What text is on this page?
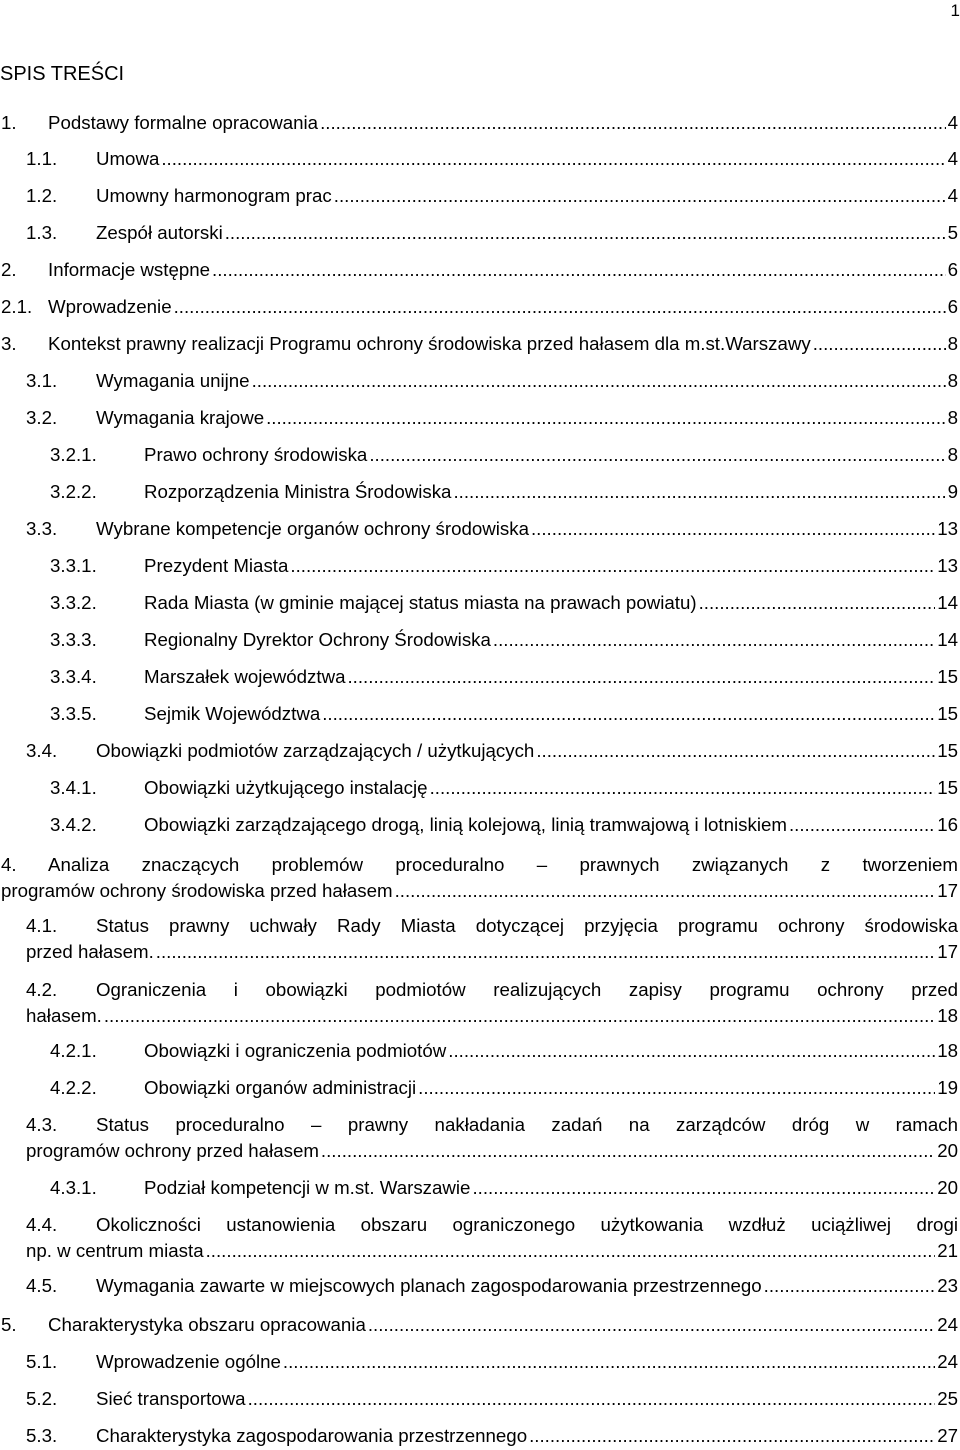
1
SPIS TREŚCI
1.	Podstawy formalne opracowania .....	4
1.1.	Umowa .....	4
1.2.	Umowny harmonogram prac .....	4
1.3.	Zespół autorski .....	5
2.	Informacje wstępne .....	6
2.1. Wprowadzenie .....	6
3.	Kontekst prawny realizacji Programu ochrony środowiska przed hałasem dla m.st.Warszawy .....	8
3.1.	Wymagania unijne .....	8
3.2.	Wymagania krajowe .....	8
3.2.1.	Prawo ochrony środowiska .....	8
3.2.2.	Rozporządzenia Ministra Środowiska .....	9
3.3.	Wybrane kompetencje organów ochrony środowiska .....	13
3.3.1.	Prezydent Miasta .....	13
3.3.2.	Rada Miasta (w gminie mającej status miasta na prawach powiatu) .....	14
3.3.3.	Regionalny Dyrektor Ochrony Środowiska .....	14
3.3.4.	Marszałek województwa .....	15
3.3.5.	Sejmik Województwa .....	15
3.4.	Obowiązki podmiotów zarządzających / użytkujących .....	15
3.4.1.	Obowiązki użytkującego instalację .....	15
3.4.2.	Obowiązki zarządzającego drogą, linią kolejową, linią tramwajową i lotniskiem .....	16
4.	Analiza znaczących problemów proceduralno – prawnych związanych z tworzeniem
programów ochrony środowiska przed hałasem .....	17
4.1.	Status prawny uchwały Rady Miasta dotyczącej przyjęcia programu ochrony środowiska
przed hałasem. .....	17
4.2.	Ograniczenia i obowiązki podmiotów realizujących zapisy programu ochrony przed
hałasem. .....	18
4.2.1.	Obowiązki i ograniczenia podmiotów .....	18
4.2.2.	Obowiązki organów administracji .....	19
4.3.	Status proceduralno – prawny nakładania zadań na zarządców dróg w ramach
programów ochrony przed hałasem .....	20
4.3.1.	Podział kompetencji w m.st. Warszawie .....	20
4.4.	Okoliczności ustanowienia obszaru ograniczonego użytkowania wzdłuż uciążliwej drogi
np. w centrum miasta .....	21
4.5.	Wymagania zawarte w miejscowych planach zagospodarowania przestrzennego .....	23
5.	Charakterystyka obszaru opracowania .....	24
5.1.	Wprowadzenie ogólne .....	24
5.2.	Sieć transportowa .....	25
5.3.	Charakterystyka zagospodarowania przestrzennego .....	27
